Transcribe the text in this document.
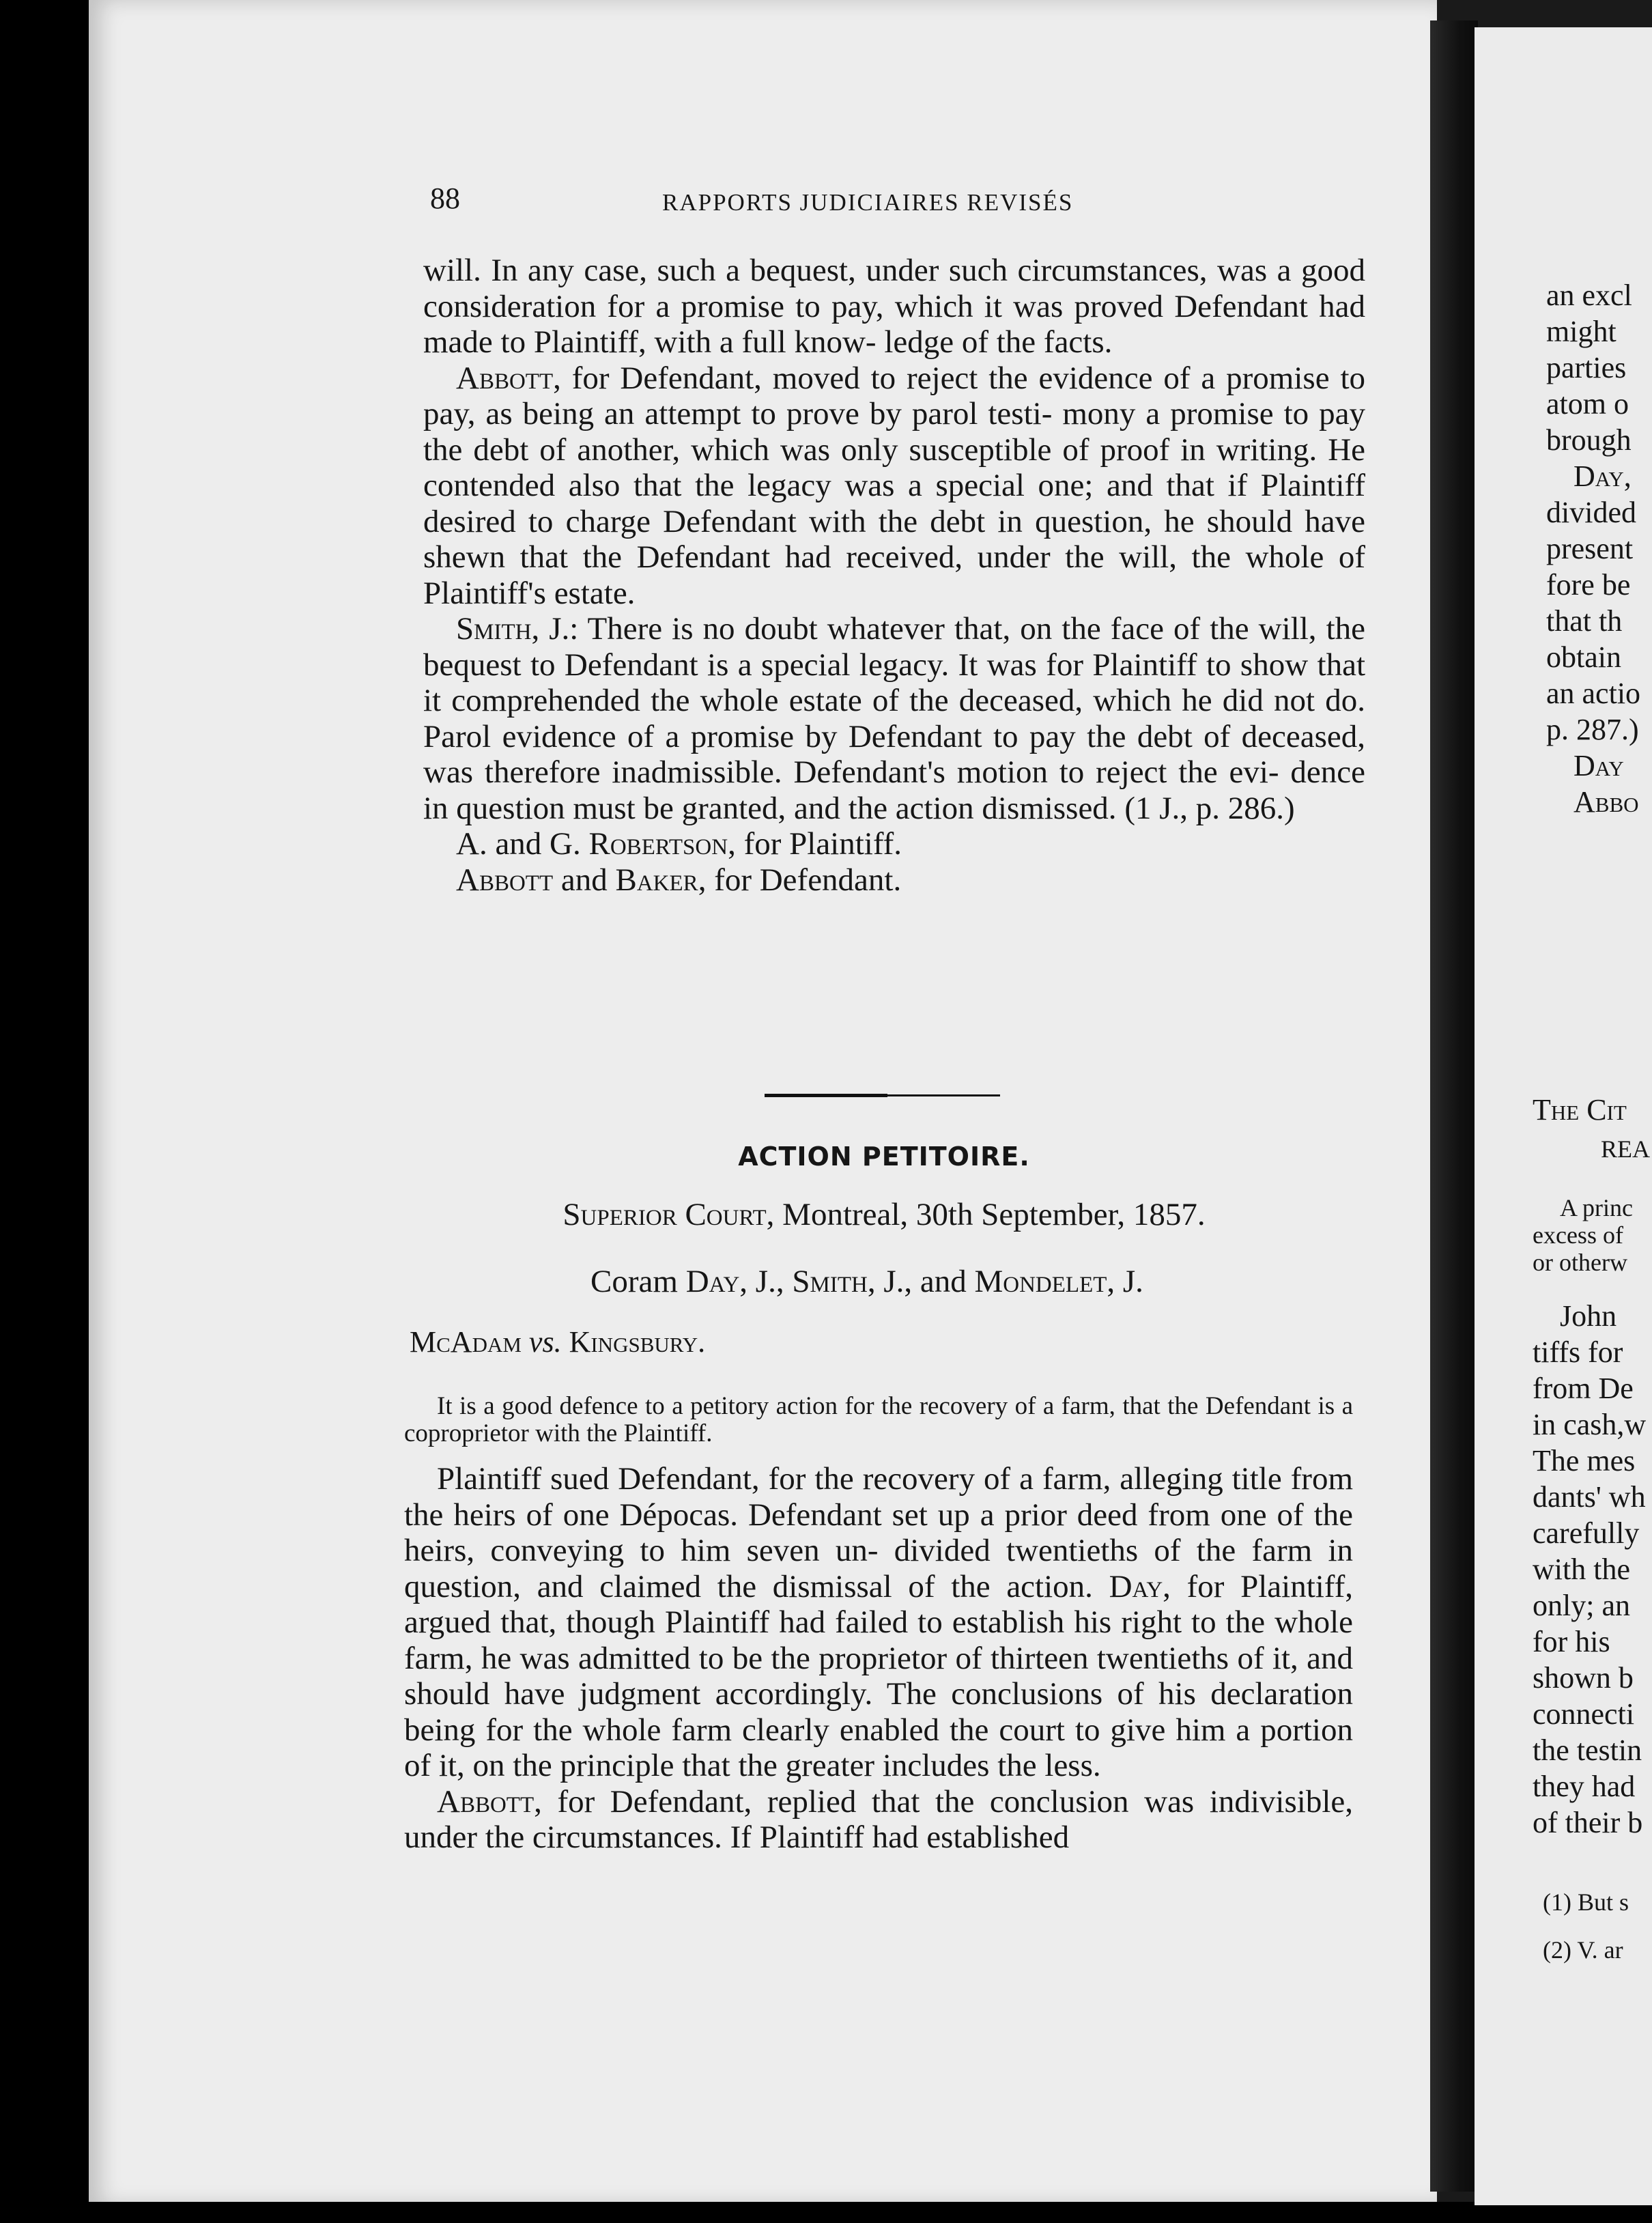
88	RAPPORTS JUDICIAIRES REVISÉS

will. In any case, such a bequest, under such circumstances, was a good consideration for a promise to pay, which it was proved Defendant had made to Plaintiff, with a full know- ledge of the facts.

Abbott, for Defendant, moved to reject the evidence of a promise to pay, as being an attempt to prove by parol testi- mony a promise to pay the debt of another, which was only susceptible of proof in writing. He contended also that the legacy was a special one; and that if Plaintiff desired to charge Defendant with the debt in question, he should have shewn that the Defendant had received, under the will, the whole of Plaintiff's estate.

Smith, J.: There is no doubt whatever that, on the face of the will, the bequest to Defendant is a special legacy. It was for Plaintiff to show that it comprehended the whole estate of the deceased, which he did not do. Parol evidence of a promise by Defendant to pay the debt of deceased, was therefore inadmissible. Defendant's motion to reject the evi- dence in question must be granted, and the action dismissed. (1 J., p. 286.)

A. and G. Robertson, for Plaintiff.

Abbott and Baker, for Defendant.

ACTION PETITOIRE.
Superior Court, Montreal, 30th September, 1857.
Coram Day, J., Smith, J., and Mondelet, J.
McAdam vs. Kingsbury.

It is a good defence to a petitory action for the recovery of a farm, that the Defendant is a coproprietor with the Plaintiff.

Plaintiff sued Defendant, for the recovery of a farm, alleging title from the heirs of one Dépocas. Defendant set up a prior deed from one of the heirs, conveying to him seven un- divided twentieths of the farm in question, and claimed the dismissal of the action. Day, for Plaintiff, argued that, though Plaintiff had failed to establish his right to the whole farm, he was admitted to be the proprietor of thirteen twentieths of it, and should have judgment accordingly. The conclusions of his declaration being for the whole farm clearly enabled the court to give him a portion of it, on the principle that the greater includes the less.

Abbott, for Defendant, replied that the conclusion was indivisible, under the circumstances. If Plaintiff had established

an excl
might
parties
atom o
brough
Day,
divided
present
fore be
that th
obtain
an actio
p. 287.)
Day
Abbo
The Cit
REA
A princ
excess of
or otherw
John
tiffs for
from De
in cash,w
The mes
dants' wh
carefully
with the
only; an
for his
shown b
connecti
the testin
they had
of their b
(1) But s
(2) V. ar
